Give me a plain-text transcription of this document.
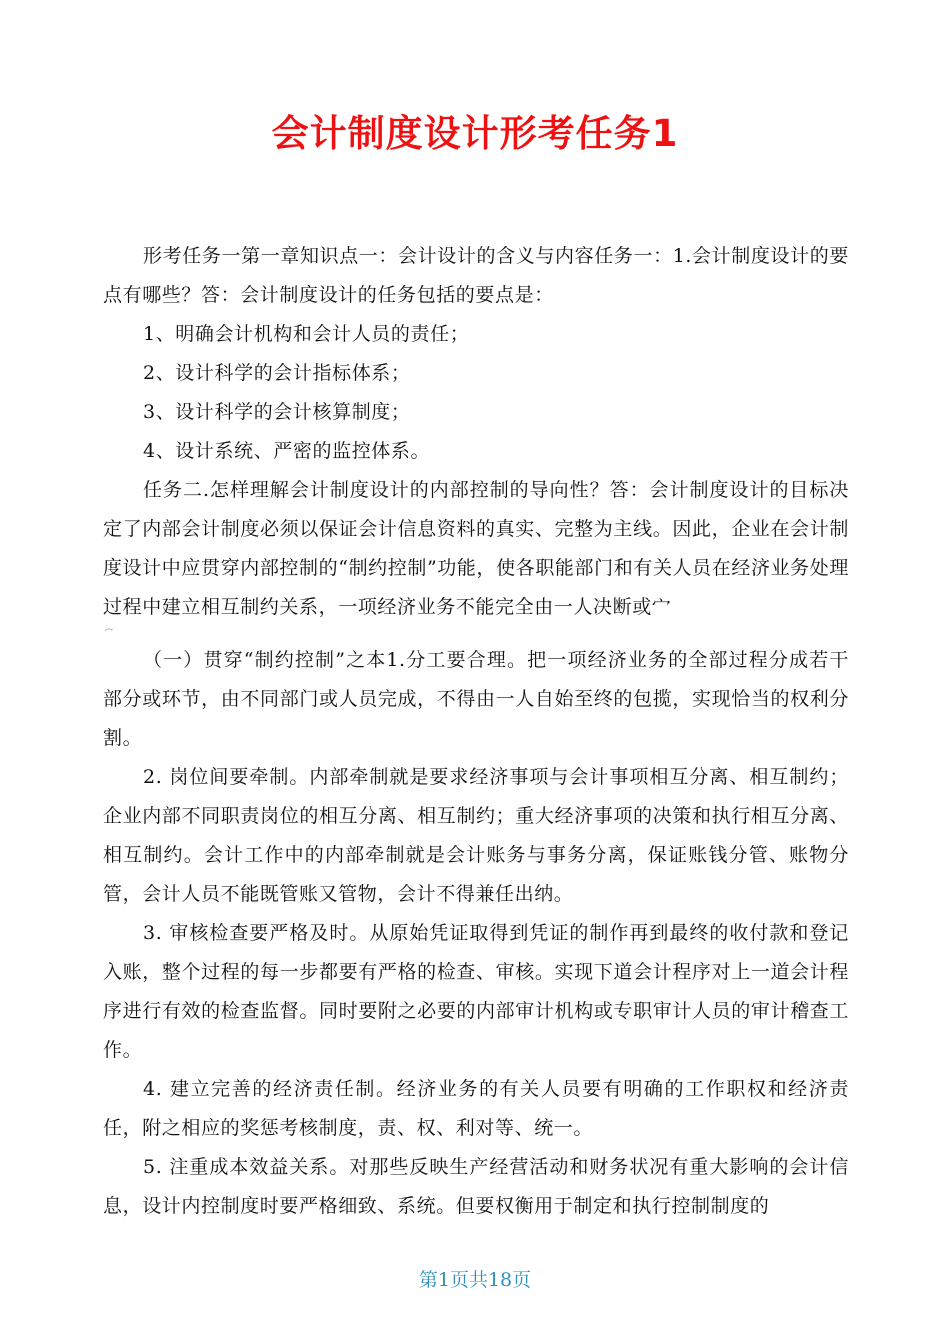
会计制度设计形考任务1

形考任务一第一章知识点一：会计设计的含义与内容任务一：1.会计制度设计的要点有哪些？答：会计制度设计的任务包括的要点是：

1、明确会计机构和会计人员的责任；

2、设计科学的会计指标体系；

3、设计科学的会计核算制度；

4、设计系统、严密的监控体系。

任务二.怎样理解会计制度设计的内部控制的导向性？答：会计制度设计的目标决定了内部会计制度必须以保证会计信息资料的真实、完整为主线。因此，企业在会计制度设计中应贯穿内部控制的“制约控制”功能，使各职能部门和有关人员在经济业务处理过程中建立相互制约关系，一项经济业务不能完全由一人决断或宀

宀

（一）贯穿“制约控制”之本1.分工要合理。把一项经济业务的全部过程分成若干部分或环节，由不同部门或人员完成，不得由一人自始至终的包揽，实现恰当的权利分割。

2. 岗位间要牵制。内部牵制就是要求经济事项与会计事项相互分离、相互制约；企业内部不同职责岗位的相互分离、相互制约；重大经济事项的决策和执行相互分离、相互制约。会计工作中的内部牵制就是会计账务与事务分离，保证账钱分管、账物分管，会计人员不能既管账又管物，会计不得兼任出纳。

3. 审核检查要严格及时。从原始凭证取得到凭证的制作再到最终的收付款和登记入账，整个过程的每一步都要有严格的检查、审核。实现下道会计程序对上一道会计程序进行有效的检查监督。同时要附之必要的内部审计机构或专职审计人员的审计稽查工作。

4. 建立完善的经济责任制。经济业务的有关人员要有明确的工作职权和经济责任，附之相应的奖惩考核制度，责、权、利对等、统一。

5. 注重成本效益关系。对那些反映生产经营活动和财务状况有重大影响的会计信息，设计内控制度时要严格细致、系统。但要权衡用于制定和执行控制制度的

第1页共18页
